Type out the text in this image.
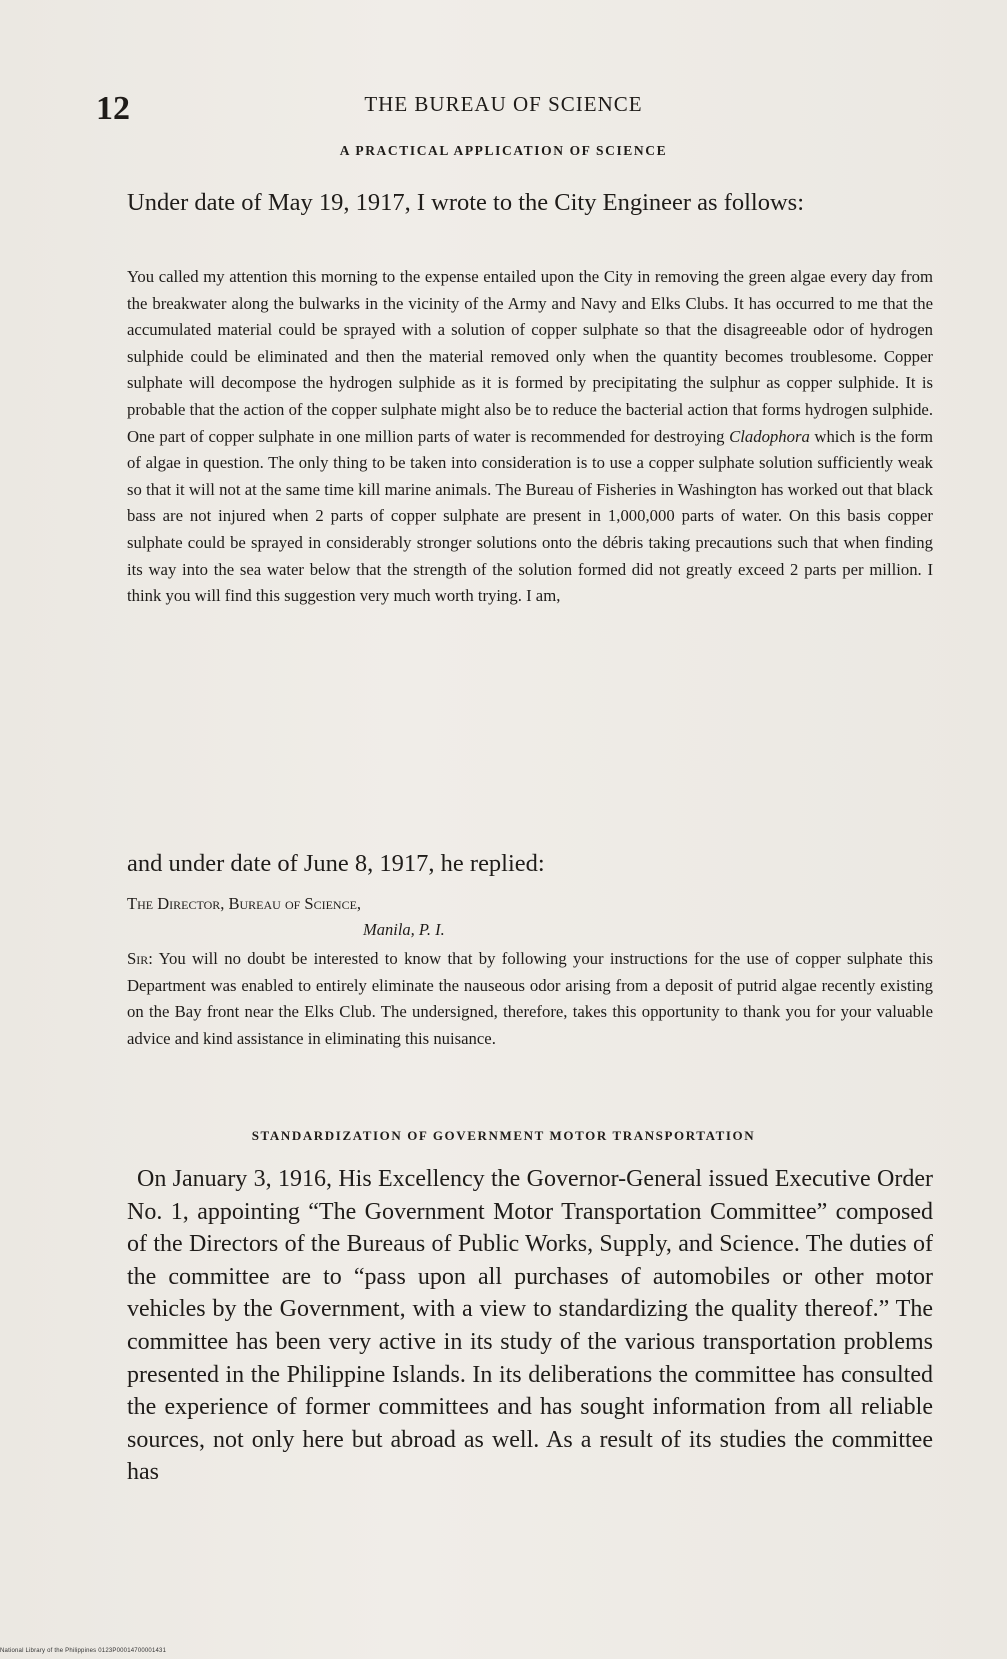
12	THE BUREAU OF SCIENCE
A PRACTICAL APPLICATION OF SCIENCE
Under date of May 19, 1917, I wrote to the City Engineer as follows:

You called my attention this morning to the expense entailed upon the City in removing the green algae every day from the breakwater along the bulwarks in the vicinity of the Army and Navy and Elks Clubs. It has occurred to me that the accumulated material could be sprayed with a solution of copper sulphate so that the disagreeable odor of hydrogen sulphide could be eliminated and then the material removed only when the quantity becomes troublesome. Copper sulphate will decompose the hydrogen sulphide as it is formed by precipitating the sulphur as copper sulphide. It is probable that the action of the copper sulphate might also be to reduce the bacterial action that forms hydrogen sulphide. One part of copper sulphate in one million parts of water is recommended for destroying Cladophora which is the form of algae in question. The only thing to be taken into consideration is to use a copper sulphate solution sufficiently weak so that it will not at the same time kill marine animals. The Bureau of Fisheries in Washington has worked out that black bass are not injured when 2 parts of copper sulphate are present in 1,000,000 parts of water. On this basis copper sulphate could be sprayed in considerably stronger solutions onto the débris taking precautions such that when finding its way into the sea water below that the strength of the solution formed did not greatly exceed 2 parts per million. I think you will find this suggestion very much worth trying. I am,

and under date of June 8, 1917, he replied:
The Director, Bureau of Science,
Manila, P. I.

Sir: You will no doubt be interested to know that by following your instructions for the use of copper sulphate this Department was enabled to entirely eliminate the nauseous odor arising from a deposit of putrid algae recently existing on the Bay front near the Elks Club. The undersigned, therefore, takes this opportunity to thank you for your valuable advice and kind assistance in eliminating this nuisance.

STANDARDIZATION OF GOVERNMENT MOTOR TRANSPORTATION
On January 3, 1916, His Excellency the Governor-General issued Executive Order No. 1, appointing “The Government Motor Transportation Committee” composed of the Directors of the Bureaus of Public Works, Supply, and Science. The duties of the committee are to “pass upon all purchases of automobiles or other motor vehicles by the Government, with a view to standardizing the quality thereof.” The committee has been very active in its study of the various transportation problems presented in the Philippine Islands. In its deliberations the committee has consulted the experience of former committees and has sought information from all reliable sources, not only here but abroad as well. As a result of its studies the committee has
National Library of the Philippines 0123P00014700001431
